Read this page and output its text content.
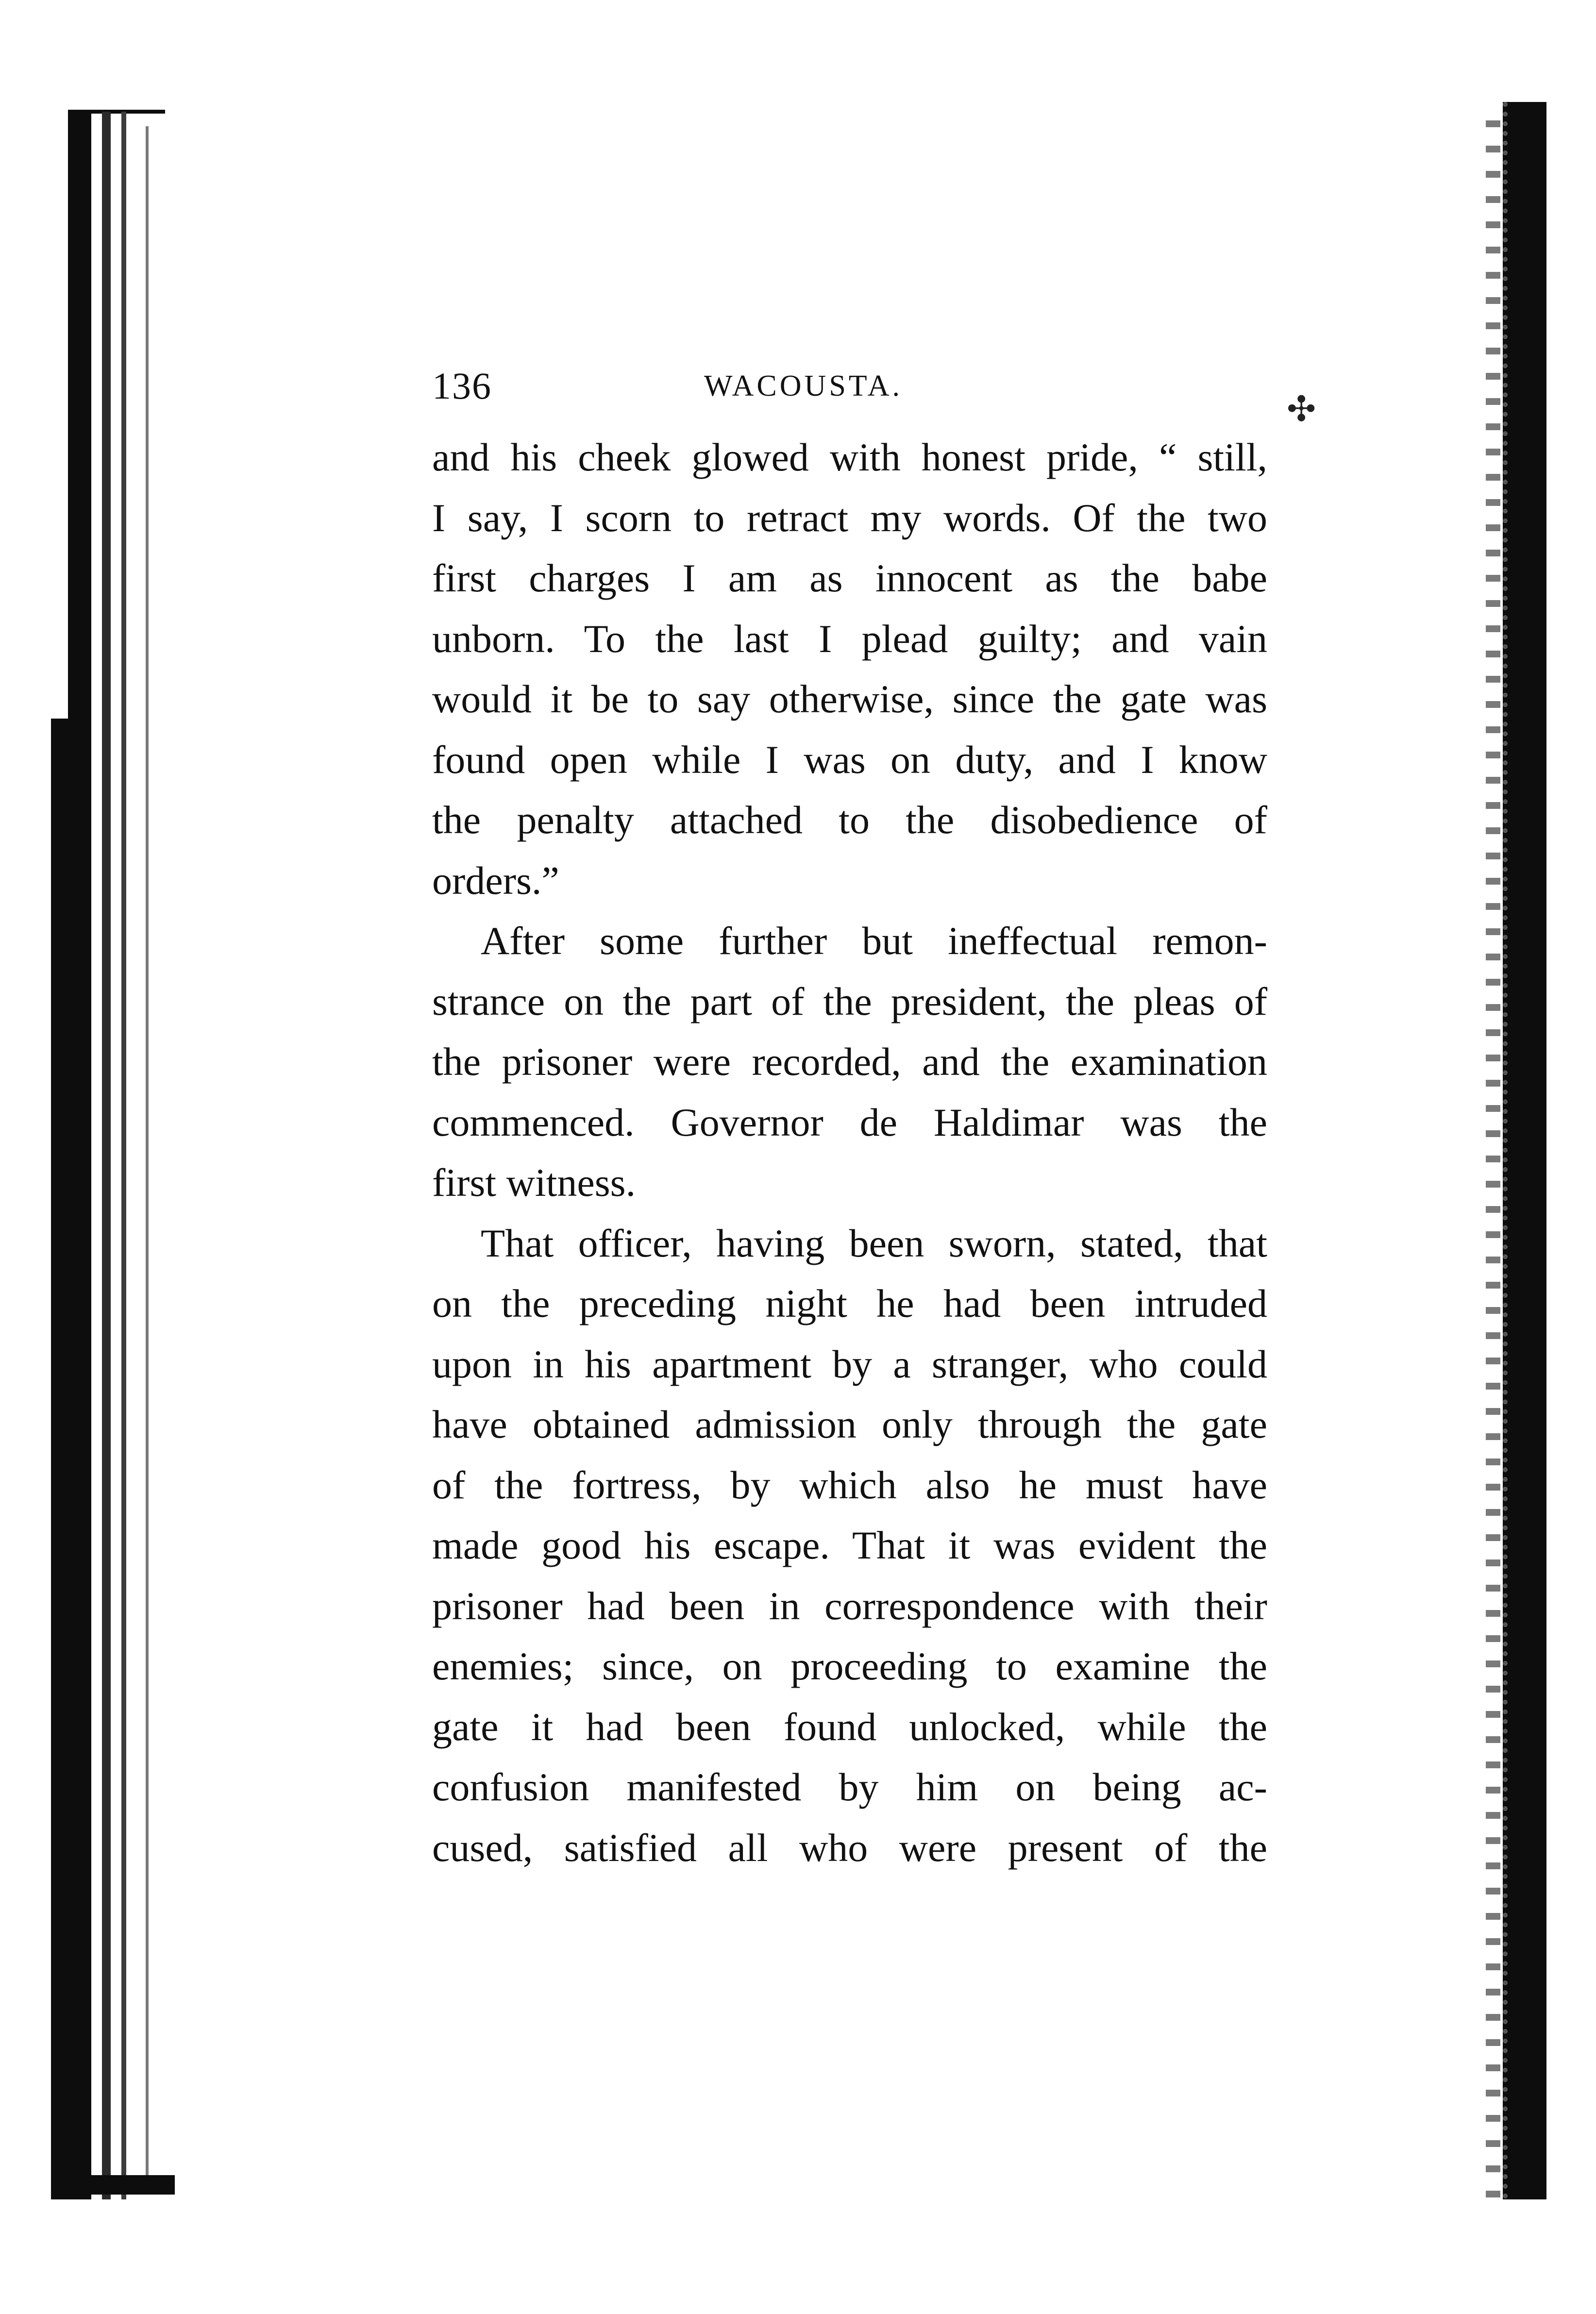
136	WACOUSTA.
✣

and his cheek glowed with honest pride, “ still,
I say, I scorn to retract my words. Of the two
first charges I am as innocent as the babe
unborn. To the last I plead guilty; and vain
would it be to say otherwise, since the gate was
found open while I was on duty, and I know
the penalty attached to the disobedience of
orders.”

After some further but ineffectual remon-
strance on the part of the president, the pleas of
the prisoner were recorded, and the examination
commenced. Governor de Haldimar was the
first witness.

That officer, having been sworn, stated, that
on the preceding night he had been intruded
upon in his apartment by a stranger, who could
have obtained admission only through the gate
of the fortress, by which also he must have
made good his escape. That it was evident the
prisoner had been in correspondence with their
enemies; since, on proceeding to examine the
gate it had been found unlocked, while the
confusion manifested by him on being ac-
cused, satisfied all who were present of the
